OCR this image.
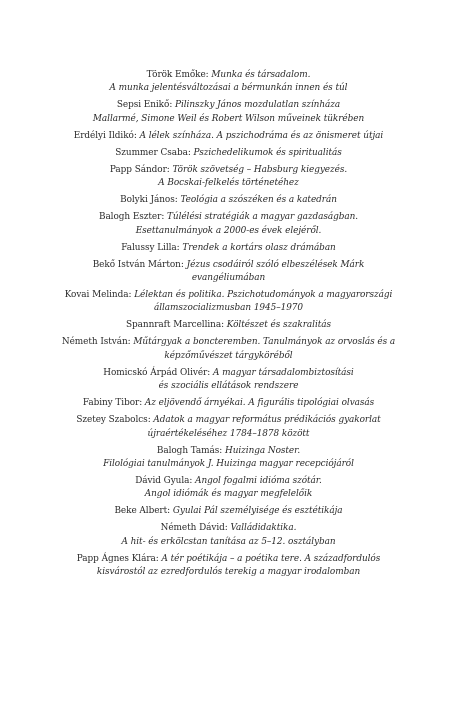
Török Emőke: Munka és társadalom.
A munka jelentésváltozásai a bérmunkán innen és túl
Sepsi Enikő: Pilinszky János mozdulatlan színháza
Mallarmé, Simone Weil és Robert Wilson műveinek tükrében
Erdélyi Ildikó: A lélek színháza. A pszichodráma és az önismeret útjai
Szummer Csaba: Pszichedelikumok és spiritualitás
Papp Sándor: Török szövetség – Habsburg kiegyezés.
A Bocskai-felkelés történetéhez
Bolyki János: Teológia a szószéken és a katedrán
Balogh Eszter: Túlélési stratégiák a magyar gazdaságban.
Esettanulmányok a 2000-es évek elejéről.
Falussy Lilla: Trendek a kortárs olasz drámában
Bekő István Márton: Jézus csodáiról szóló elbeszélések Márk
evangéliumában
Kovai Melinda: Lélektan és politika. Pszichotudományok a magyarországi
államszocializmusban 1945–1970
Spannraft Marcellina: Költészet és szakralitás
Németh István: Műtárgyak a boncteremben. Tanulmányok az orvoslás és a
képzőművészet tárgyköréből
Homicskó Árpád Olivér: A magyar társadalombiztosítási
és szociális ellátások rendszere
Fabiny Tibor: Az eljövendő árnyékai. A figurális tipológiai olvasás
Szetey Szabolcs: Adatok a magyar református prédikációs gyakorlat
újraértékeléséhez 1784–1878 között
Balogh Tamás: Huizinga Noster.
Filológiai tanulmányok J. Huizinga magyar recepciójáról
Dávid Gyula: Angol fogalmi idióma szótár.
Angol idiómák és magyar megfelelőik
Beke Albert: Gyulai Pál személyisége és esztétikája
Németh Dávid: Valládidaktika.
A hit- és erkölcstan tanítása az 5–12. osztályban
Papp Ágnes Klára: A tér poétikája – a poétika tere. A századfordulós
kisvárostól az ezredfordulós terekig a magyar irodalomban
